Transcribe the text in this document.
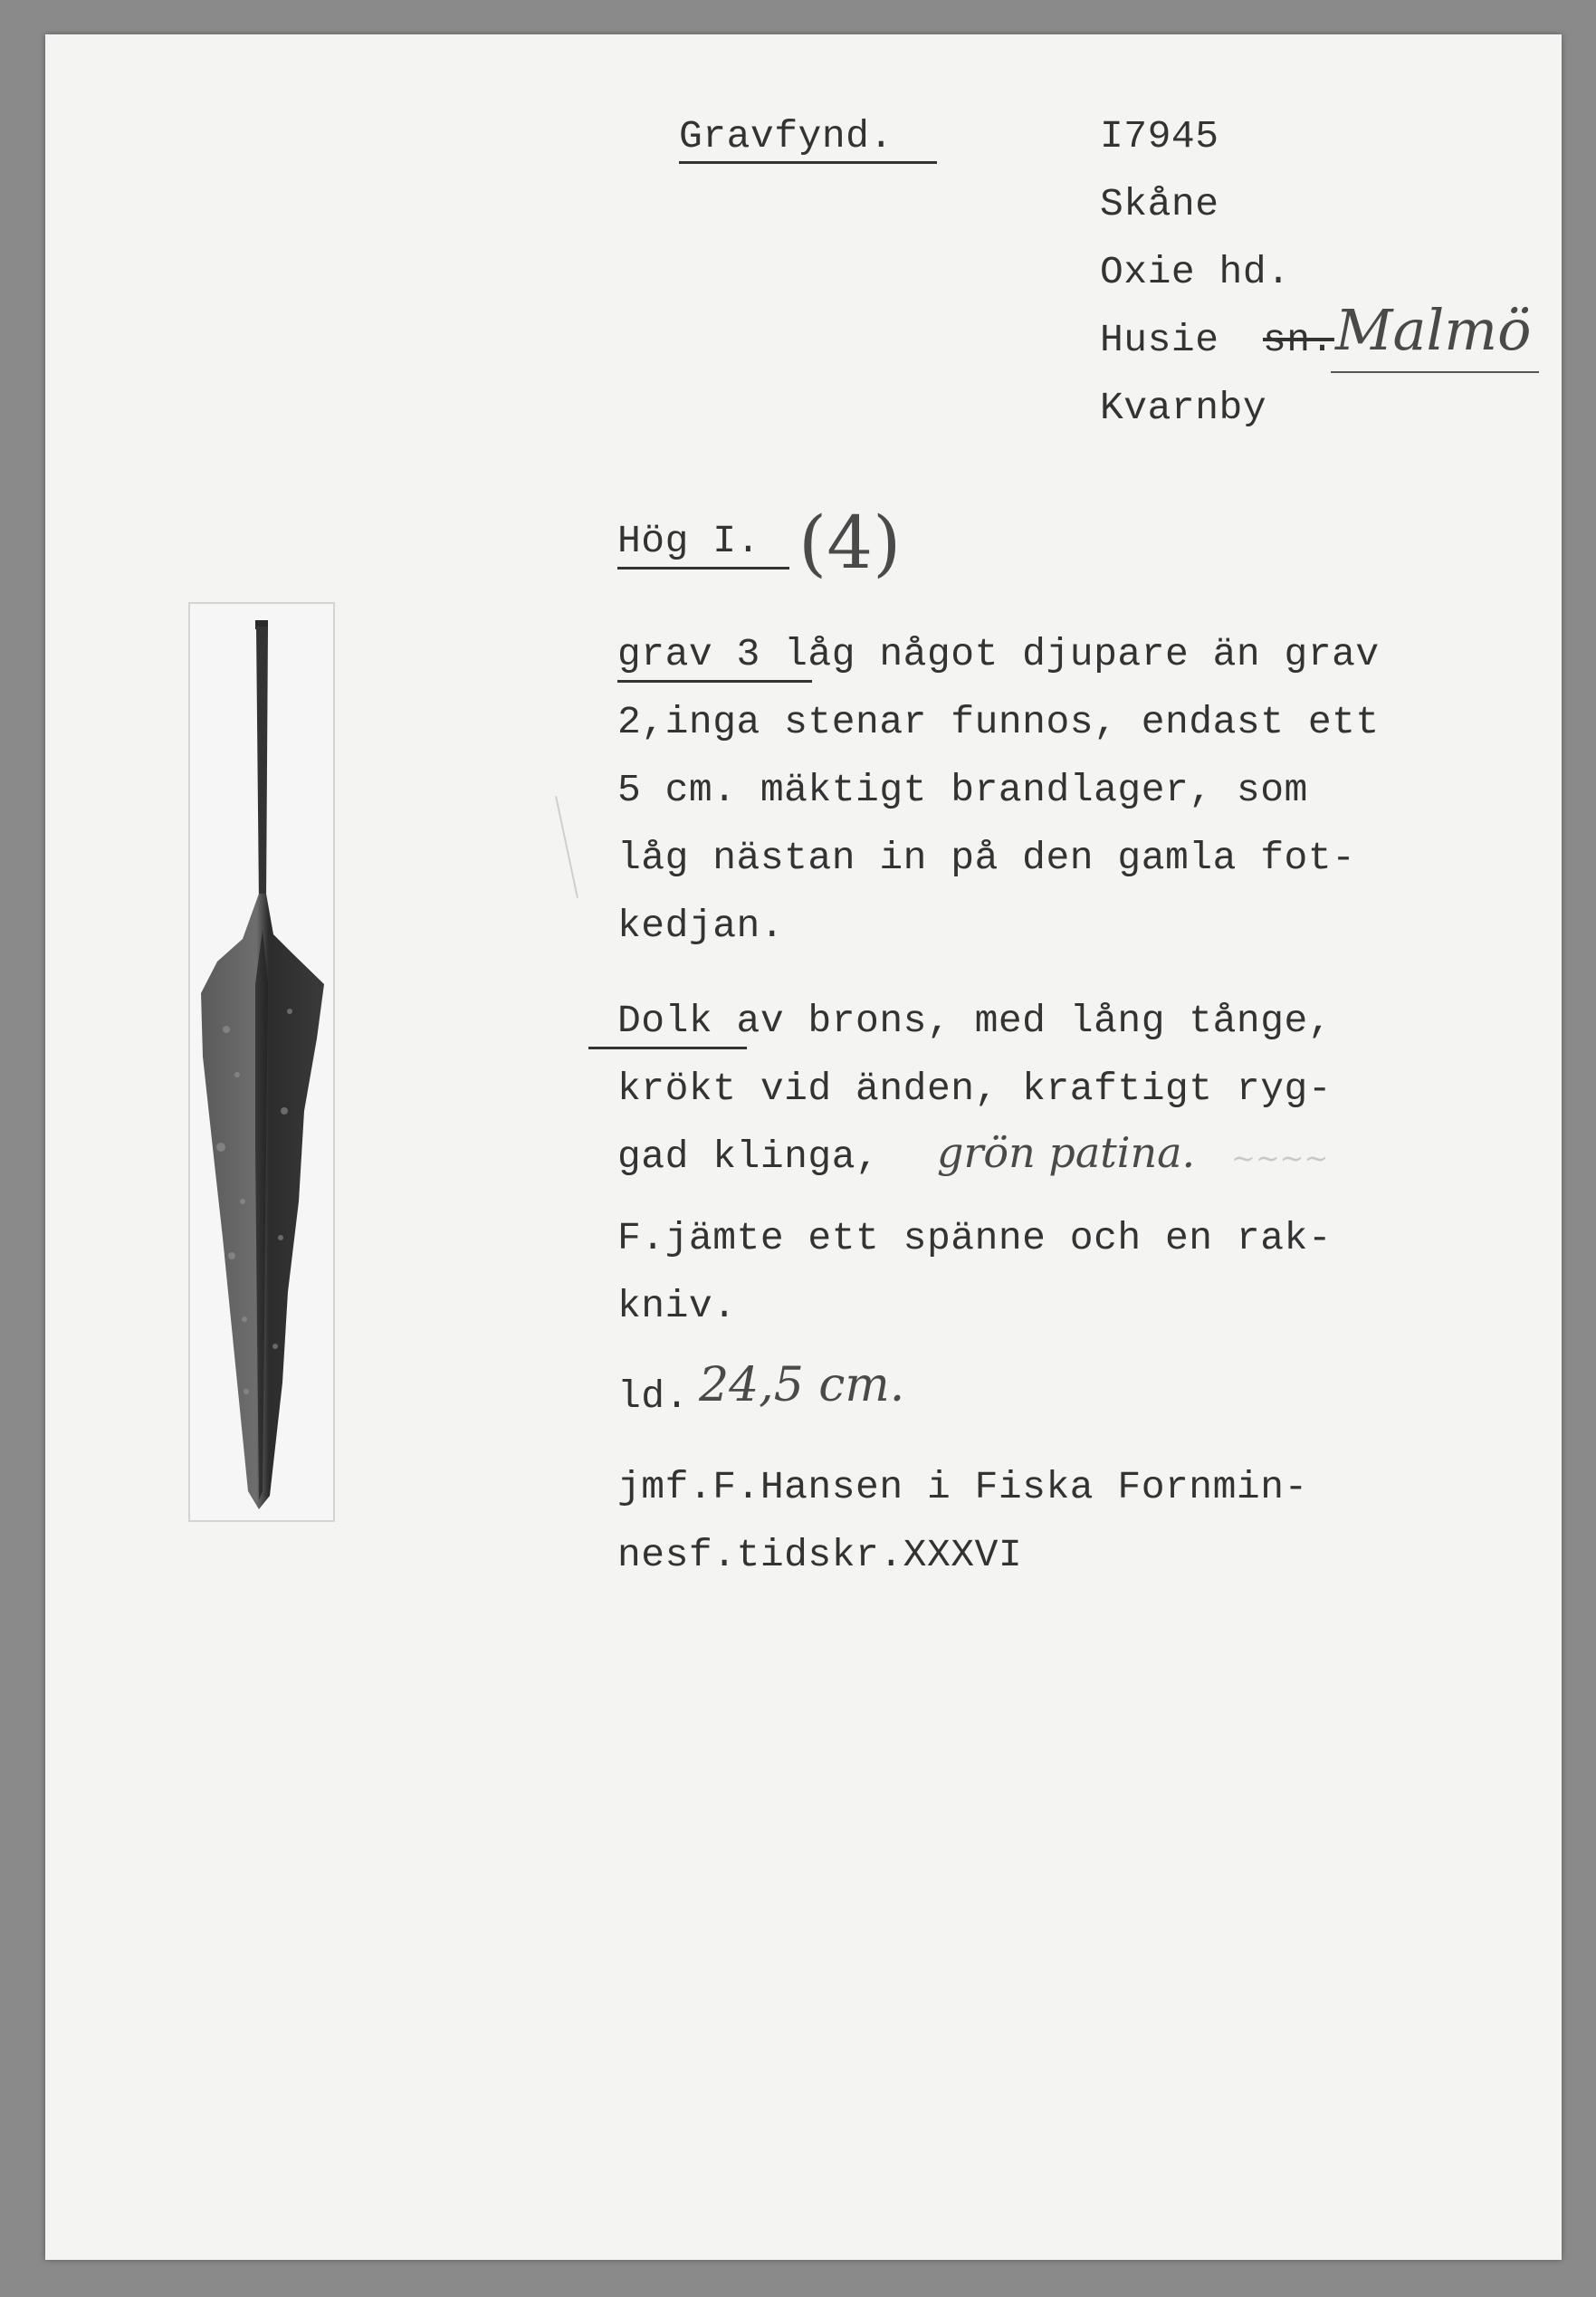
Gravfynd.	I7945
Skåne
Oxie hd.
Husie sn. Malmö
Kvarnby
Hög I. (4)
grav 3 låg något djupare än grav
2,inga stenar funnos, endast ett
5 cm. mäktigt brandlager, som
låg nästan in på den gamla fot-
kedjan.
Dolk av brons, med lång tånge,
krökt vid änden, kraftigt ryg-
gad klinga, grön patina. ~~~~
F.jämte ett spänne och en rak-
kniv.
ld. 24,5 cm.
jmf.F.Hansen i Fiska Fornmin-
nesf.tidskr.XXXVI
